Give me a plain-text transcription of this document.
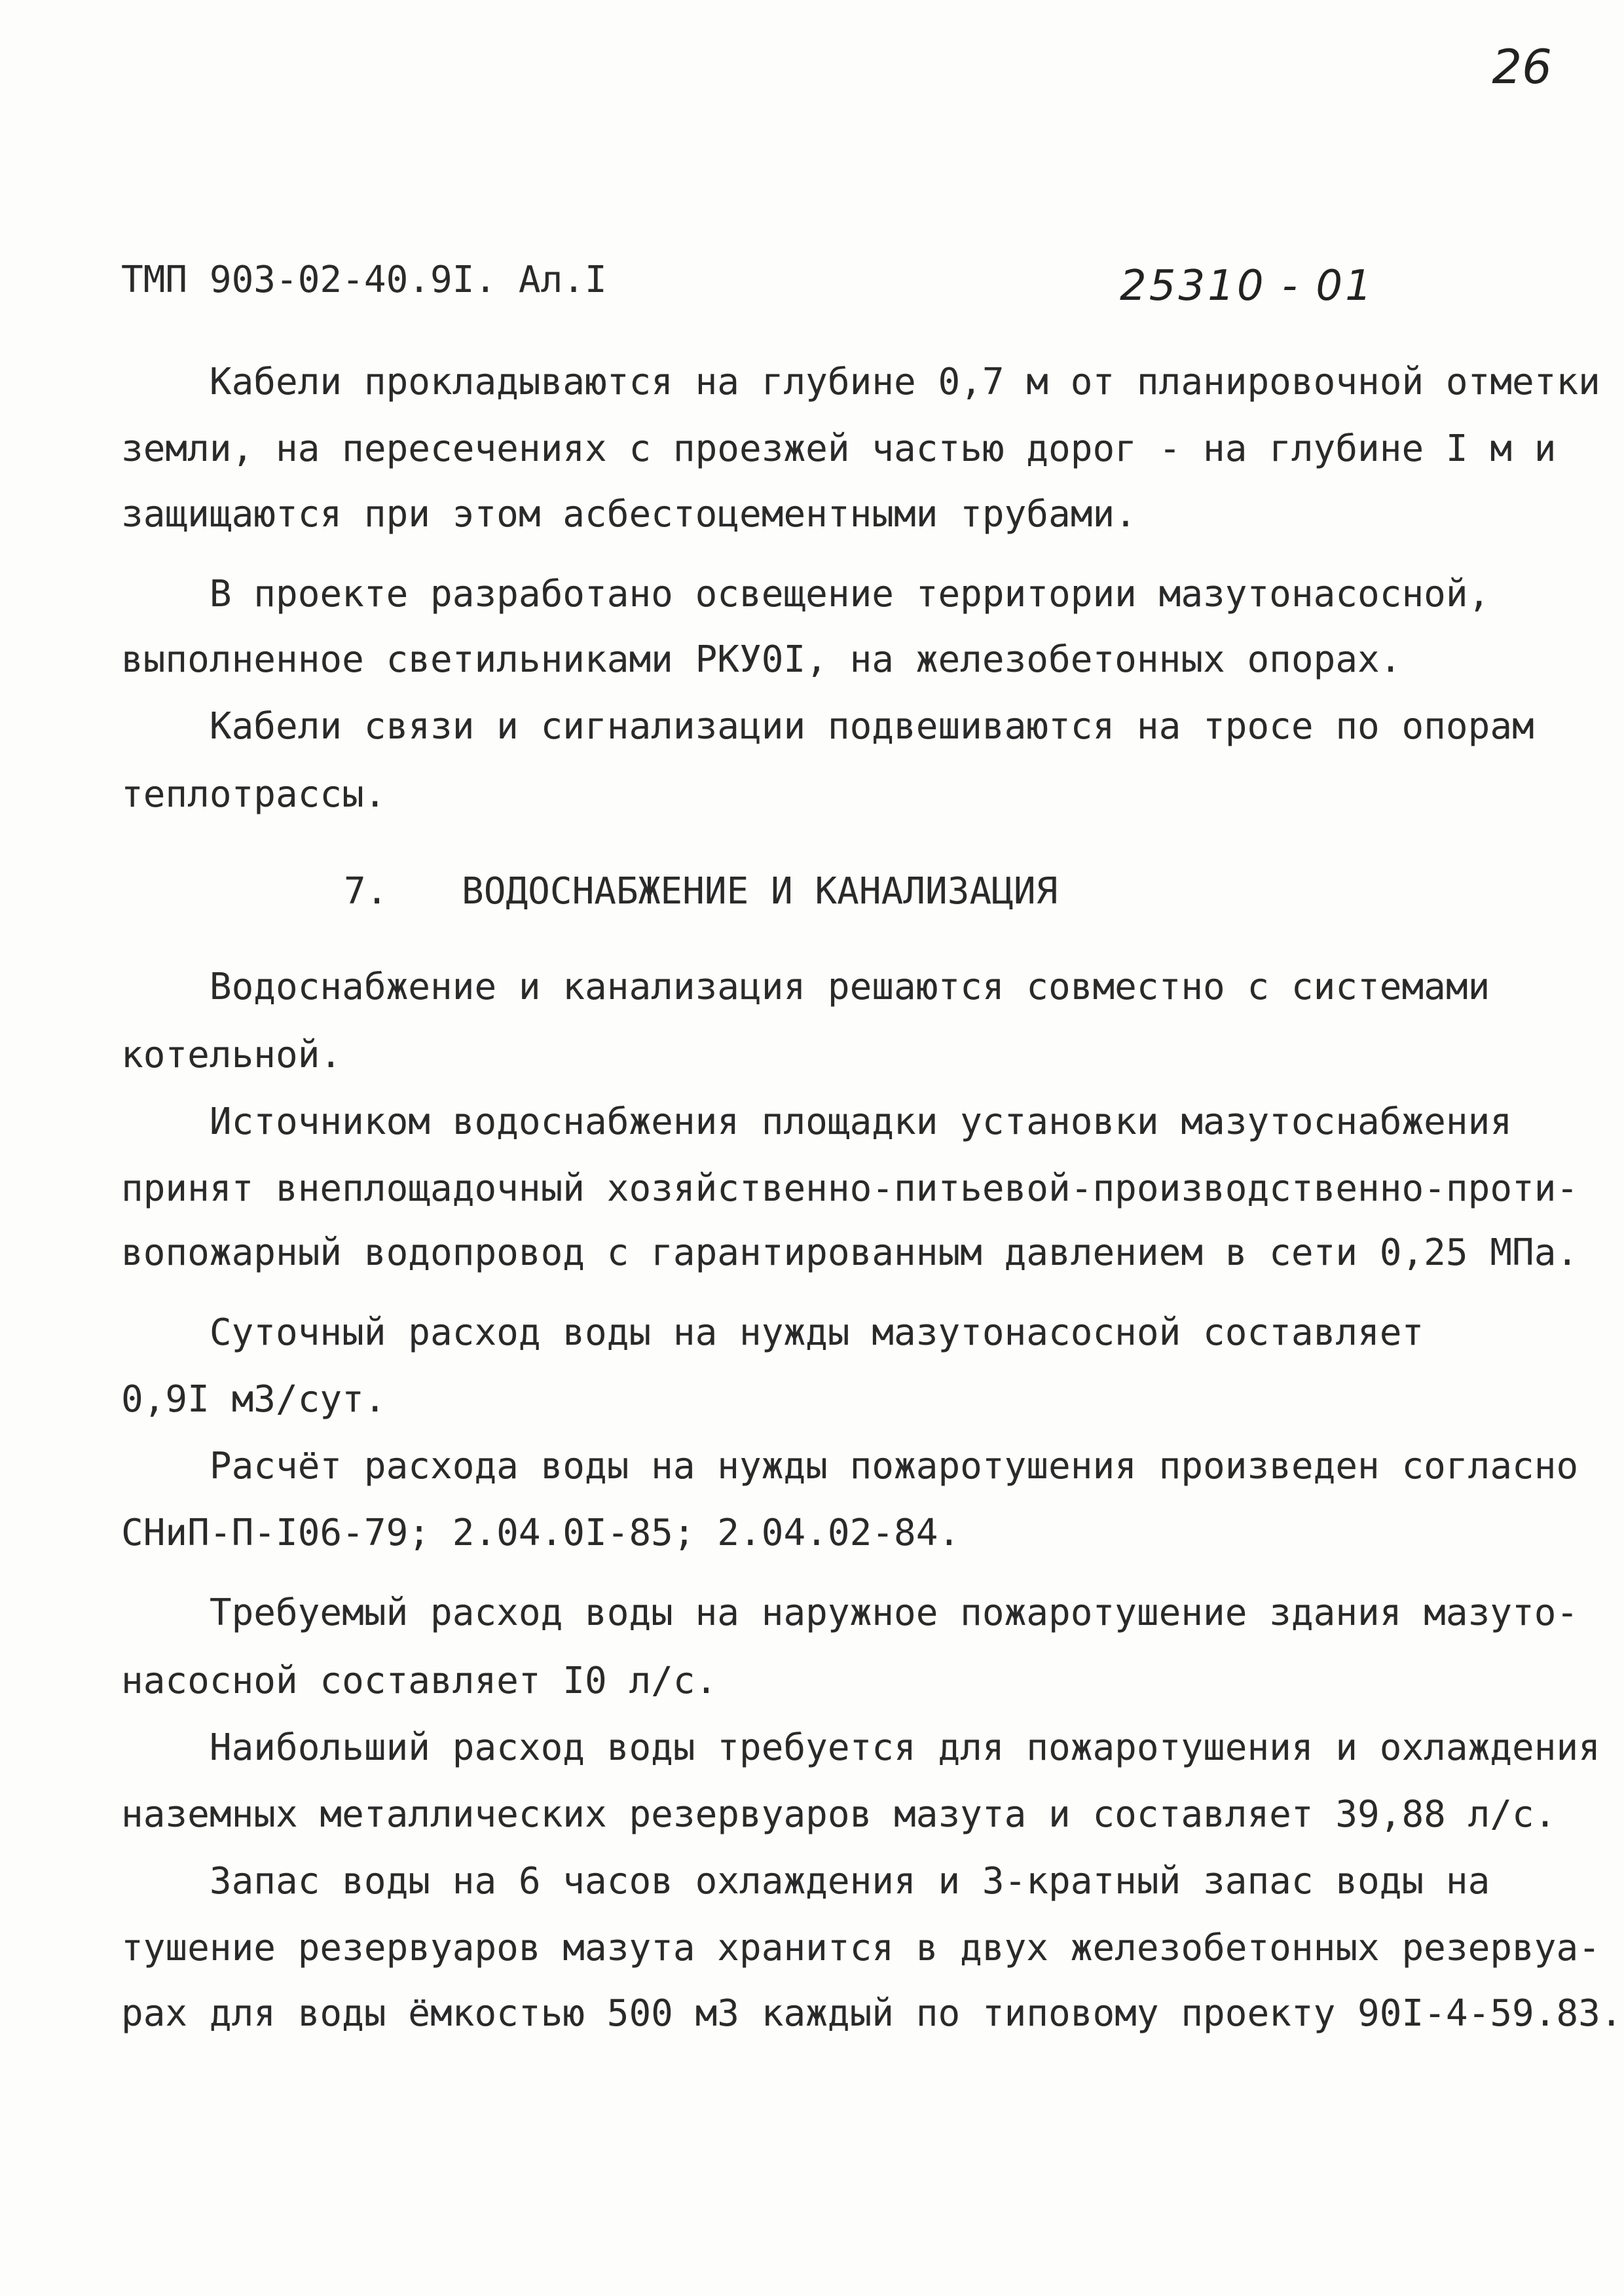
26
ТМП 903-02-40.9I. Ал.I	25310 - 01
Кабели прокладываются на глубине 0,7 м от планировочной отметки
земли, на пересечениях с проезжей частью дорог - на глубине I м и
защищаются при этом асбестоцементными трубами.
В проекте разработано освещение территории мазутонасосной,
выполненное светильниками РКУ0I, на железобетонных опорах.
Кабели связи и сигнализации подвешиваются на тросе по опорам
теплотрассы.
7. ВОДОСНАБЖЕНИЕ И КАНАЛИЗАЦИЯ
Водоснабжение и канализация решаются совместно с системами
котельной.
Источником водоснабжения площадки установки мазутоснабжения
принят внеплощадочный хозяйственно-питьевой-производственно-проти-
вопожарный водопровод с гарантированным давлением в сети 0,25 МПа.
Суточный расход воды на нужды мазутонасосной составляет
0,9I м3/сут.
Расчёт расхода воды на нужды пожаротушения произведен согласно
СНиП-П-I06-79; 2.04.0I-85; 2.04.02-84.
Требуемый расход воды на наружное пожаротушение здания мазуто-
насосной составляет I0 л/с.
Наибольший расход воды требуется для пожаротушения и охлаждения
наземных металлических резервуаров мазута и составляет 39,88 л/с.
Запас воды на 6 часов охлаждения и 3-кратный запас воды на
тушение резервуаров мазута хранится в двух железобетонных резервуа-
рах для воды ёмкостью 500 м3 каждый по типовому проекту 90I-4-59.83.
